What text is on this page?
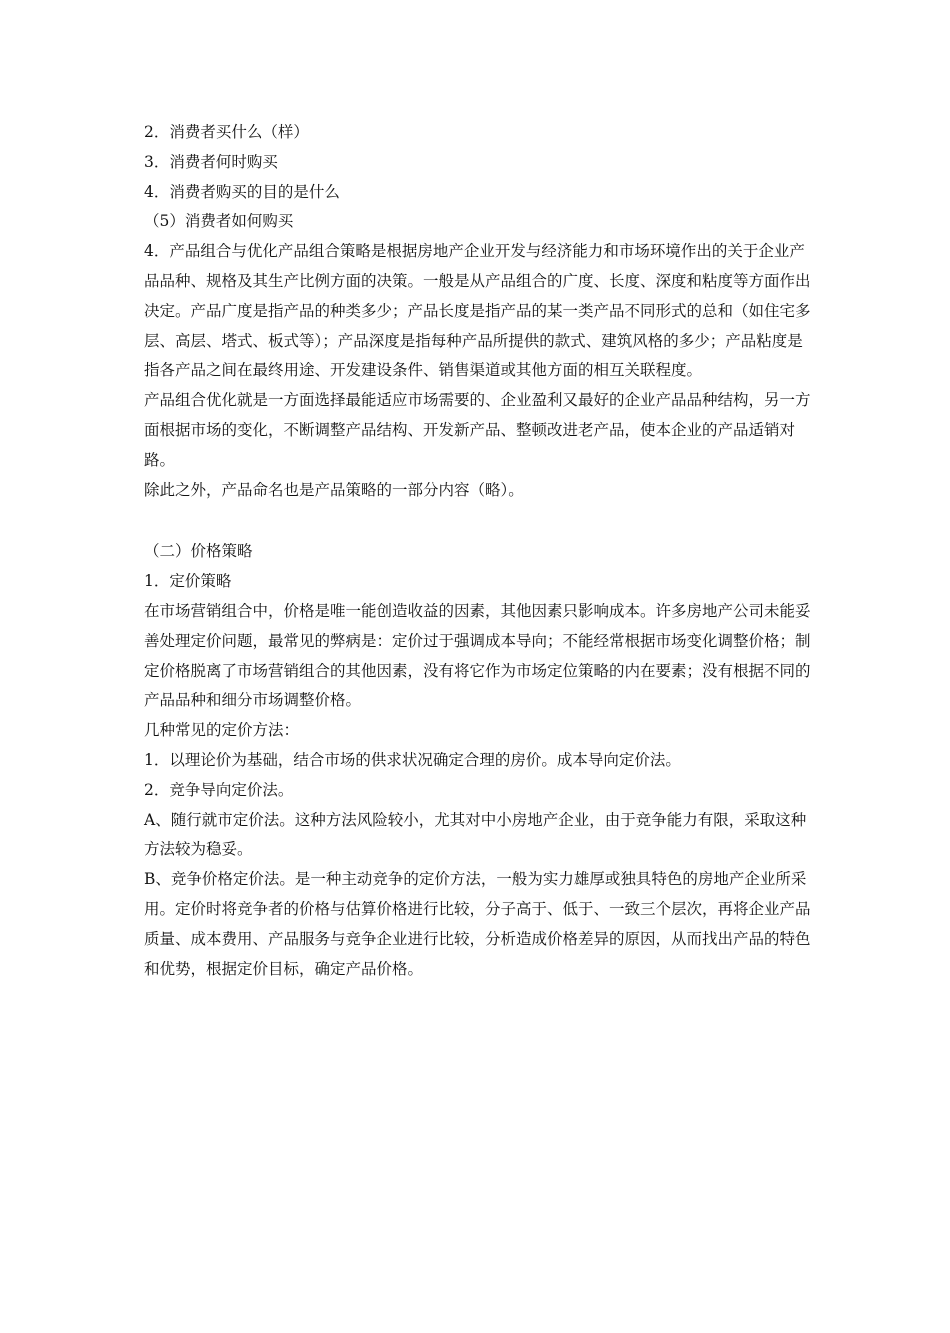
2．消费者买什么（样）

3．消费者何时购买

4．消费者购买的目的是什么

（5）消费者如何购买

4．产品组合与优化产品组合策略是根据房地产企业开发与经济能力和市场环境作出的关于企业产品品种、规格及其生产比例方面的决策。一般是从产品组合的广度、长度、深度和粘度等方面作出决定。产品广度是指产品的种类多少；产品长度是指产品的某一类产品不同形式的总和（如住宅多层、高层、塔式、板式等）；产品深度是指每种产品所提供的款式、建筑风格的多少；产品粘度是指各产品之间在最终用途、开发建设条件、销售渠道或其他方面的相互关联程度。

产品组合优化就是一方面选择最能适应市场需要的、企业盈利又最好的企业产品品种结构，另一方面根据市场的变化，不断调整产品结构、开发新产品、整顿改进老产品，使本企业的产品适销对路。

除此之外，产品命名也是产品策略的一部分内容（略）。

（二）价格策略

1．定价策略

在市场营销组合中，价格是唯一能创造收益的因素，其他因素只影响成本。许多房地产公司未能妥善处理定价问题，最常见的弊病是：定价过于强调成本导向；不能经常根据市场变化调整价格；制定价格脱离了市场营销组合的其他因素，没有将它作为市场定位策略的内在要素；没有根据不同的产品品种和细分市场调整价格。

几种常见的定价方法：

1．以理论价为基础，结合市场的供求状况确定合理的房价。成本导向定价法。

2．竞争导向定价法。

A、随行就市定价法。这种方法风险较小，尤其对中小房地产企业，由于竞争能力有限，采取这种方法较为稳妥。

B、竞争价格定价法。是一种主动竞争的定价方法，一般为实力雄厚或独具特色的房地产企业所采用。定价时将竞争者的价格与估算价格进行比较，分子高于、低于、一致三个层次，再将企业产品质量、成本费用、产品服务与竞争企业进行比较，分析造成价格差异的原因，从而找出产品的特色和优势，根据定价目标，确定产品价格。
